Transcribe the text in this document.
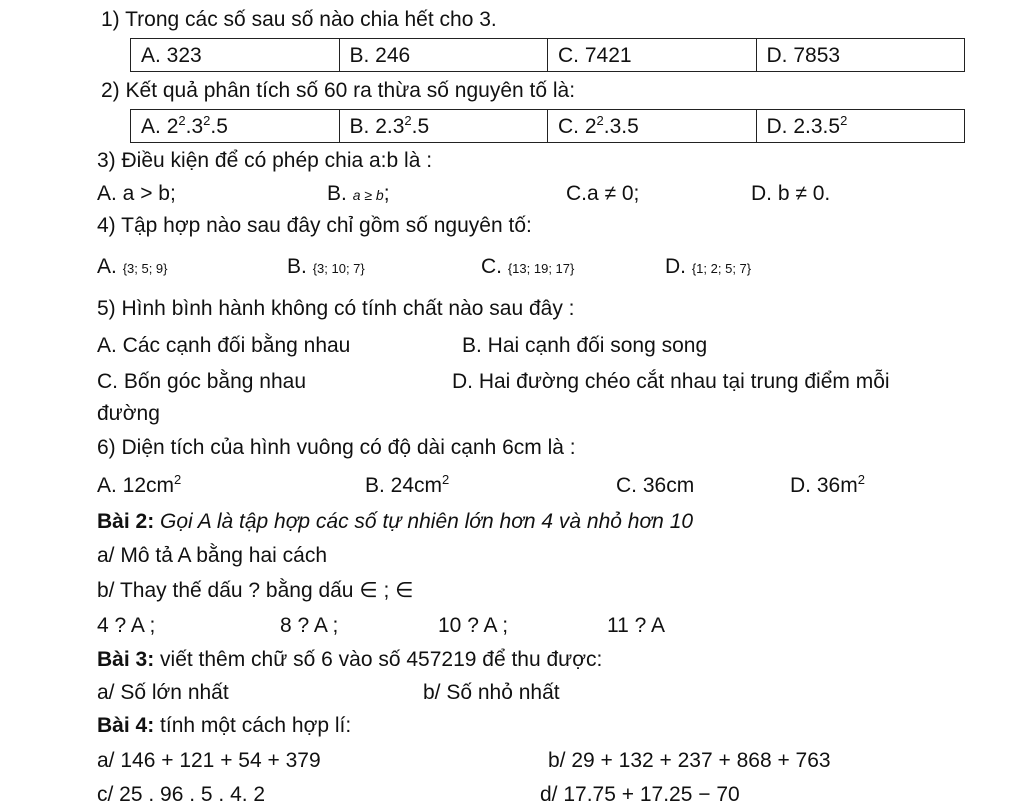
1) Trong các số sau số nào chia hết cho 3.
A. 323	B. 246	C. 7421	D. 7853
2) Kết quả phân tích số 60 ra thừa số nguyên tố là:
A. $2^2.3^2.5$	B. $2.3^2.5$	C. $2^2.3.5$	D. 2.3.5$^2$
3) Điều kiện để có phép chia a:b là :
A. a > b;	B. a ≥ b;	C.a ≠ 0;	D. b ≠ 0.
4) Tập hợp nào sau đây chỉ gồm số nguyên tố:
A. {3; 5; 9}	B. {3; 10; 7}	C. {13; 19; 17}	D. {1; 2; 5; 7}
5) Hình bình hành không có tính chất nào sau đây :
A. Các cạnh đối bằng nhau	B. Hai cạnh đối song song
C. Bốn góc bằng nhau	D. Hai đường chéo cắt nhau tại trung điểm mỗi
đường
6) Diện tích của hình vuông có độ dài cạnh 6cm là :
A. $12cm^2$	B. $24cm^2$	C. 36cm	D. $36m^2$
Bài 2: Gọi A là tập hợp các số tự nhiên lớn hơn 4 và nhỏ hơn 10
a/ Mô tả A bằng hai cách
b/ Thay thế dấu ? bằng dấu ∈ ; ∈
4 ? A ;	8 ? A ;	10 ? A ;	11 ? A
Bài 3: viết thêm chữ số 6 vào số 457219 để thu được:
a/ Số lớn nhất	b/ Số nhỏ nhất
Bài 4: tính một cách hợp lí:
a/ 146 + 121 + 54 + 379	b/ 29 + 132 + 237 + 868 + 763
c/ 25 . 96 . 5 . 4. 2	d/ 17.75 + 17.25 − 70
